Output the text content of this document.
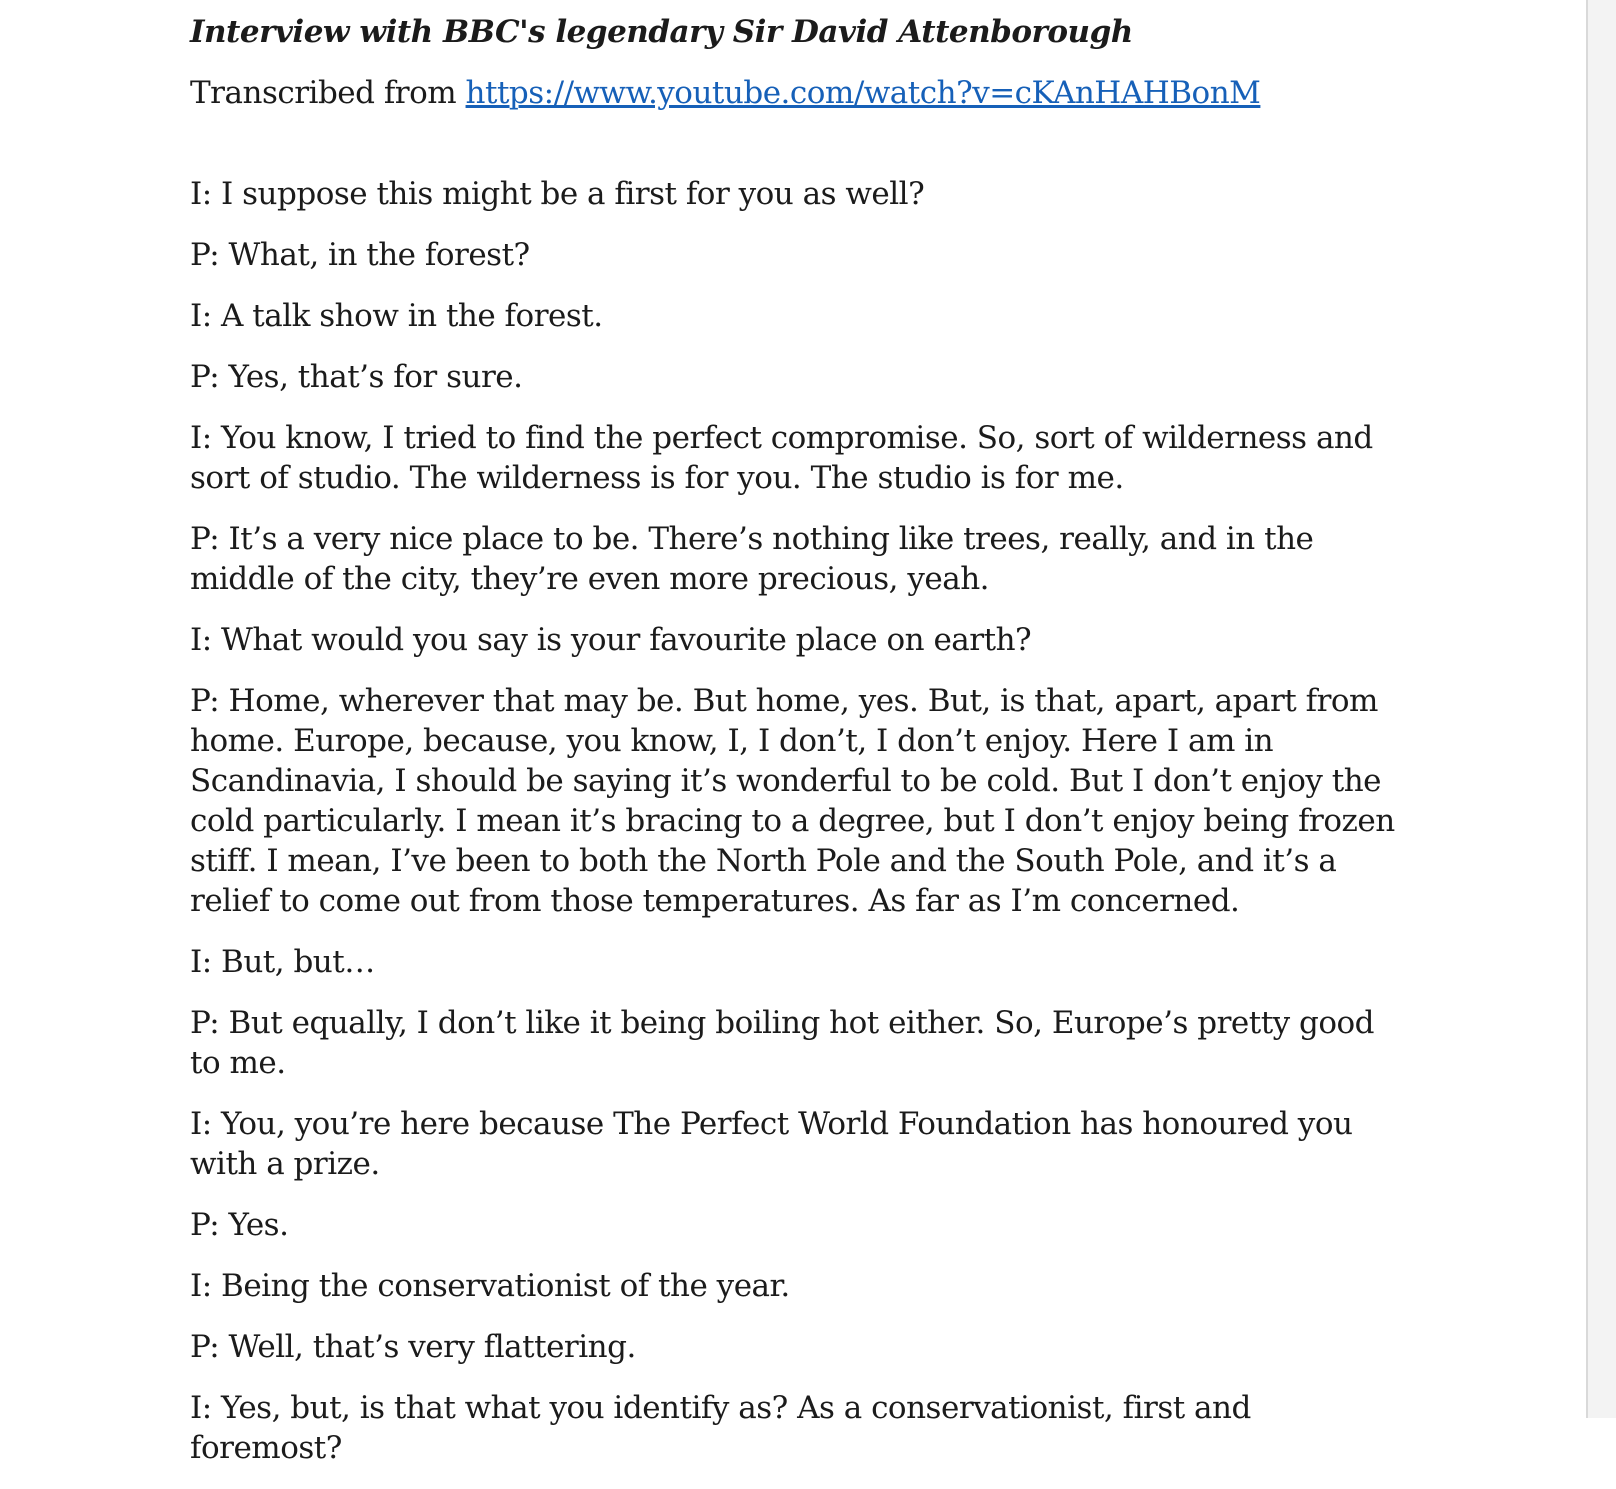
Interview with BBC's legendary Sir David Attenborough

Transcribed from https://www.youtube.com/watch?v=cKAnHAHBonM

I: I suppose this might be a first for you as well?

P: What, in the forest?

I: A talk show in the forest.

P: Yes, that’s for sure.

I: You know, I tried to find the perfect compromise. So, sort of wilderness and sort of studio. The wilderness is for you. The studio is for me.

P: It’s a very nice place to be. There’s nothing like trees, really, and in the middle of the city, they’re even more precious, yeah.

I: What would you say is your favourite place on earth?

P: Home, wherever that may be. But home, yes. But, is that, apart, apart from home. Europe, because, you know, I, I don’t, I don’t enjoy. Here I am in Scandinavia, I should be saying it’s wonderful to be cold. But I don’t enjoy the cold particularly. I mean it’s bracing to a degree, but I don’t enjoy being frozen stiff. I mean, I’ve been to both the North Pole and the South Pole, and it’s a relief to come out from those temperatures. As far as I’m concerned.

I: But, but…

P: But equally, I don’t like it being boiling hot either. So, Europe’s pretty good to me.

I: You, you’re here because The Perfect World Foundation has honoured you with a prize.

P: Yes.

I: Being the conservationist of the year.

P: Well, that’s very flattering.

I: Yes, but, is that what you identify as? As a conservationist, first and foremost?
